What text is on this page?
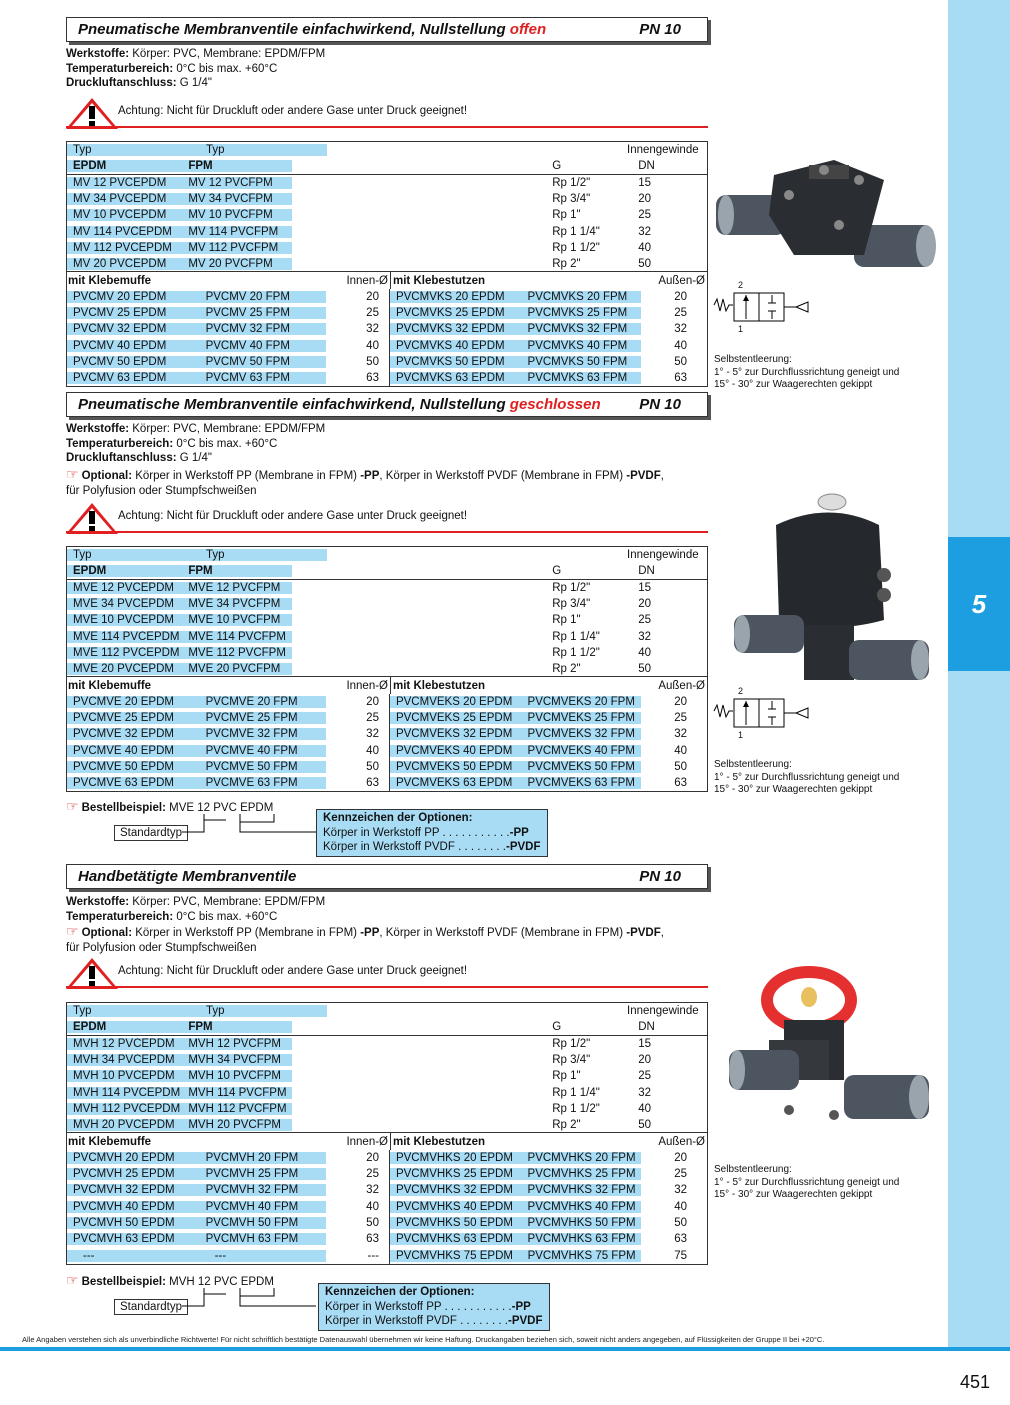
5
Pneumatische Membranventile einfachwirkend, Nullstellung offen	PN 10
Werkstoffe: Körper: PVC, Membrane: EPDM/FPM
Temperaturbereich: 0°C bis max. +60°C
Druckluftanschluss: G 1/4"
Achtung: Nicht für Druckluft oder andere Gase unter Druck geeignet!
Typ	Typ	Innengewinde
EPDM	FPM	G	DN
MV 12 PVCEPDM	MV 12 PVCFPM	Rp 1/2"	15
MV 34 PVCEPDM	MV 34 PVCFPM	Rp 3/4"	20
MV 10 PVCEPDM	MV 10 PVCFPM	Rp 1"	25
MV 114 PVCEPDM	MV 114 PVCFPM	Rp 1 1/4"	32
MV 112 PVCEPDM	MV 112 PVCFPM	Rp 1 1/2"	40
MV 20 PVCEPDM	MV 20 PVCFPM	Rp 2"	50
mit Klebemuffe	Innen-Ø mit Klebestutzen	Außen-Ø
PVCMV 20 EPDM	PVCMV 20 FPM	20	PVCMVKS 20 EPDM	PVCMVKS 20 FPM	20
PVCMV 25 EPDM	PVCMV 25 FPM	25	PVCMVKS 25 EPDM	PVCMVKS 25 FPM	25
PVCMV 32 EPDM	PVCMV 32 FPM	32	PVCMVKS 32 EPDM	PVCMVKS 32 FPM	32
PVCMV 40 EPDM	PVCMV 40 FPM	40	PVCMVKS 40 EPDM	PVCMVKS 40 FPM	40
PVCMV 50 EPDM	PVCMV 50 FPM	50	PVCMVKS 50 EPDM	PVCMVKS 50 FPM	50
PVCMV 63 EPDM	PVCMV 63 FPM	63	PVCMVKS 63 EPDM	PVCMVKS 63 FPM	63
2
1
Selbstentleerung:
1° - 5° zur Durchflussrichtung geneigt und
15° - 30° zur Waagerechten gekippt
Pneumatische Membranventile einfachwirkend, Nullstellung geschlossen	PN 10
Werkstoffe: Körper: PVC, Membrane: EPDM/FPM
Temperaturbereich: 0°C bis max. +60°C
Druckluftanschluss: G 1/4"
☞ Optional: Körper in Werkstoff PP (Membrane in FPM) -PP, Körper in Werkstoff PVDF (Membrane in FPM) -PVDF,
für Polyfusion oder Stumpfschweißen
Achtung: Nicht für Druckluft oder andere Gase unter Druck geeignet!
Typ	Typ	Innengewinde
EPDM	FPM	G	DN
MVE 12 PVCEPDM	MVE 12 PVCFPM	Rp 1/2"	15
MVE 34 PVCEPDM	MVE 34 PVCFPM	Rp 3/4"	20
MVE 10 PVCEPDM	MVE 10 PVCFPM	Rp 1"	25
MVE 114 PVCEPDM MVE 114 PVCFPM	Rp 1 1/4"	32
MVE 112 PVCEPDM MVE 112 PVCFPM	Rp 1 1/2"	40
MVE 20 PVCEPDM	MVE 20 PVCFPM	Rp 2"	50
mit Klebemuffe	Innen-Ø mit Klebestutzen	Außen-Ø
PVCMVE 20 EPDM	PVCMVE 20 FPM	20	PVCMVEKS 20 EPDM	PVCMVEKS 20 FPM	20
PVCMVE 25 EPDM	PVCMVE 25 FPM	25	PVCMVEKS 25 EPDM	PVCMVEKS 25 FPM	25
PVCMVE 32 EPDM	PVCMVE 32 FPM	32	PVCMVEKS 32 EPDM	PVCMVEKS 32 FPM	32
PVCMVE 40 EPDM	PVCMVE 40 FPM	40	PVCMVEKS 40 EPDM	PVCMVEKS 40 FPM	40
PVCMVE 50 EPDM	PVCMVE 50 FPM	50	PVCMVEKS 50 EPDM	PVCMVEKS 50 FPM	50
PVCMVE 63 EPDM	PVCMVE 63 FPM	63	PVCMVEKS 63 EPDM	PVCMVEKS 63 FPM	63
2
1
Selbstentleerung:
1° - 5° zur Durchflussrichtung geneigt und
15° - 30° zur Waagerechten gekippt
☞ Bestellbeispiel: MVE 12 PVC EPDM
Standardtyp
Kennzeichen der Optionen:
Körper in Werkstoff PP . . . . . . . . . . .-PP
Körper in Werkstoff PVDF . . . . . . . .-PVDF
Handbetätigte Membranventile	PN 10
Werkstoffe: Körper: PVC, Membrane: EPDM/FPM
Temperaturbereich: 0°C bis max. +60°C
☞ Optional: Körper in Werkstoff PP (Membrane in FPM) -PP, Körper in Werkstoff PVDF (Membrane in FPM) -PVDF,
für Polyfusion oder Stumpfschweißen
Achtung: Nicht für Druckluft oder andere Gase unter Druck geeignet!
Typ	Typ	Innengewinde
EPDM	FPM	G	DN
MVH 12 PVCEPDM	MVH 12 PVCFPM	Rp 1/2"	15
MVH 34 PVCEPDM	MVH 34 PVCFPM	Rp 3/4"	20
MVH 10 PVCEPDM	MVH 10 PVCFPM	Rp 1"	25
MVH 114 PVCEPDM MVH 114 PVCFPM	Rp 1 1/4"	32
MVH 112 PVCEPDM MVH 112 PVCFPM	Rp 1 1/2"	40
MVH 20 PVCEPDM	MVH 20 PVCFPM	Rp 2"	50
mit Klebemuffe	Innen-Ø mit Klebestutzen	Außen-Ø
PVCMVH 20 EPDM	PVCMVH 20 FPM	20	PVCMVHKS 20 EPDM	PVCMVHKS 20 FPM	20
PVCMVH 25 EPDM	PVCMVH 25 FPM	25	PVCMVHKS 25 EPDM	PVCMVHKS 25 FPM	25
PVCMVH 32 EPDM	PVCMVH 32 FPM	32	PVCMVHKS 32 EPDM	PVCMVHKS 32 FPM	32
PVCMVH 40 EPDM	PVCMVH 40 FPM	40	PVCMVHKS 40 EPDM	PVCMVHKS 40 FPM	40
PVCMVH 50 EPDM	PVCMVH 50 FPM	50	PVCMVHKS 50 EPDM	PVCMVHKS 50 FPM	50
PVCMVH 63 EPDM	PVCMVH 63 FPM	63	PVCMVHKS 63 EPDM	PVCMVHKS 63 FPM	63
---	---	---	PVCMVHKS 75 EPDM	PVCMVHKS 75 FPM	75
Selbstentleerung:
1° - 5° zur Durchflussrichtung geneigt und
15° - 30° zur Waagerechten gekippt
☞ Bestellbeispiel: MVH 12 PVC EPDM
Standardtyp
Kennzeichen der Optionen:
Körper in Werkstoff PP . . . . . . . . . . .-PP
Körper in Werkstoff PVDF . . . . . . . .-PVDF
Alle Angaben verstehen sich als unverbindliche Richtwerte! Für nicht schriftlich bestätigte Datenauswahl übernehmen wir keine Haftung. Druckangaben beziehen sich, soweit nicht anders angegeben, auf Flüssigkeiten der Gruppe II bei +20°C.
451
